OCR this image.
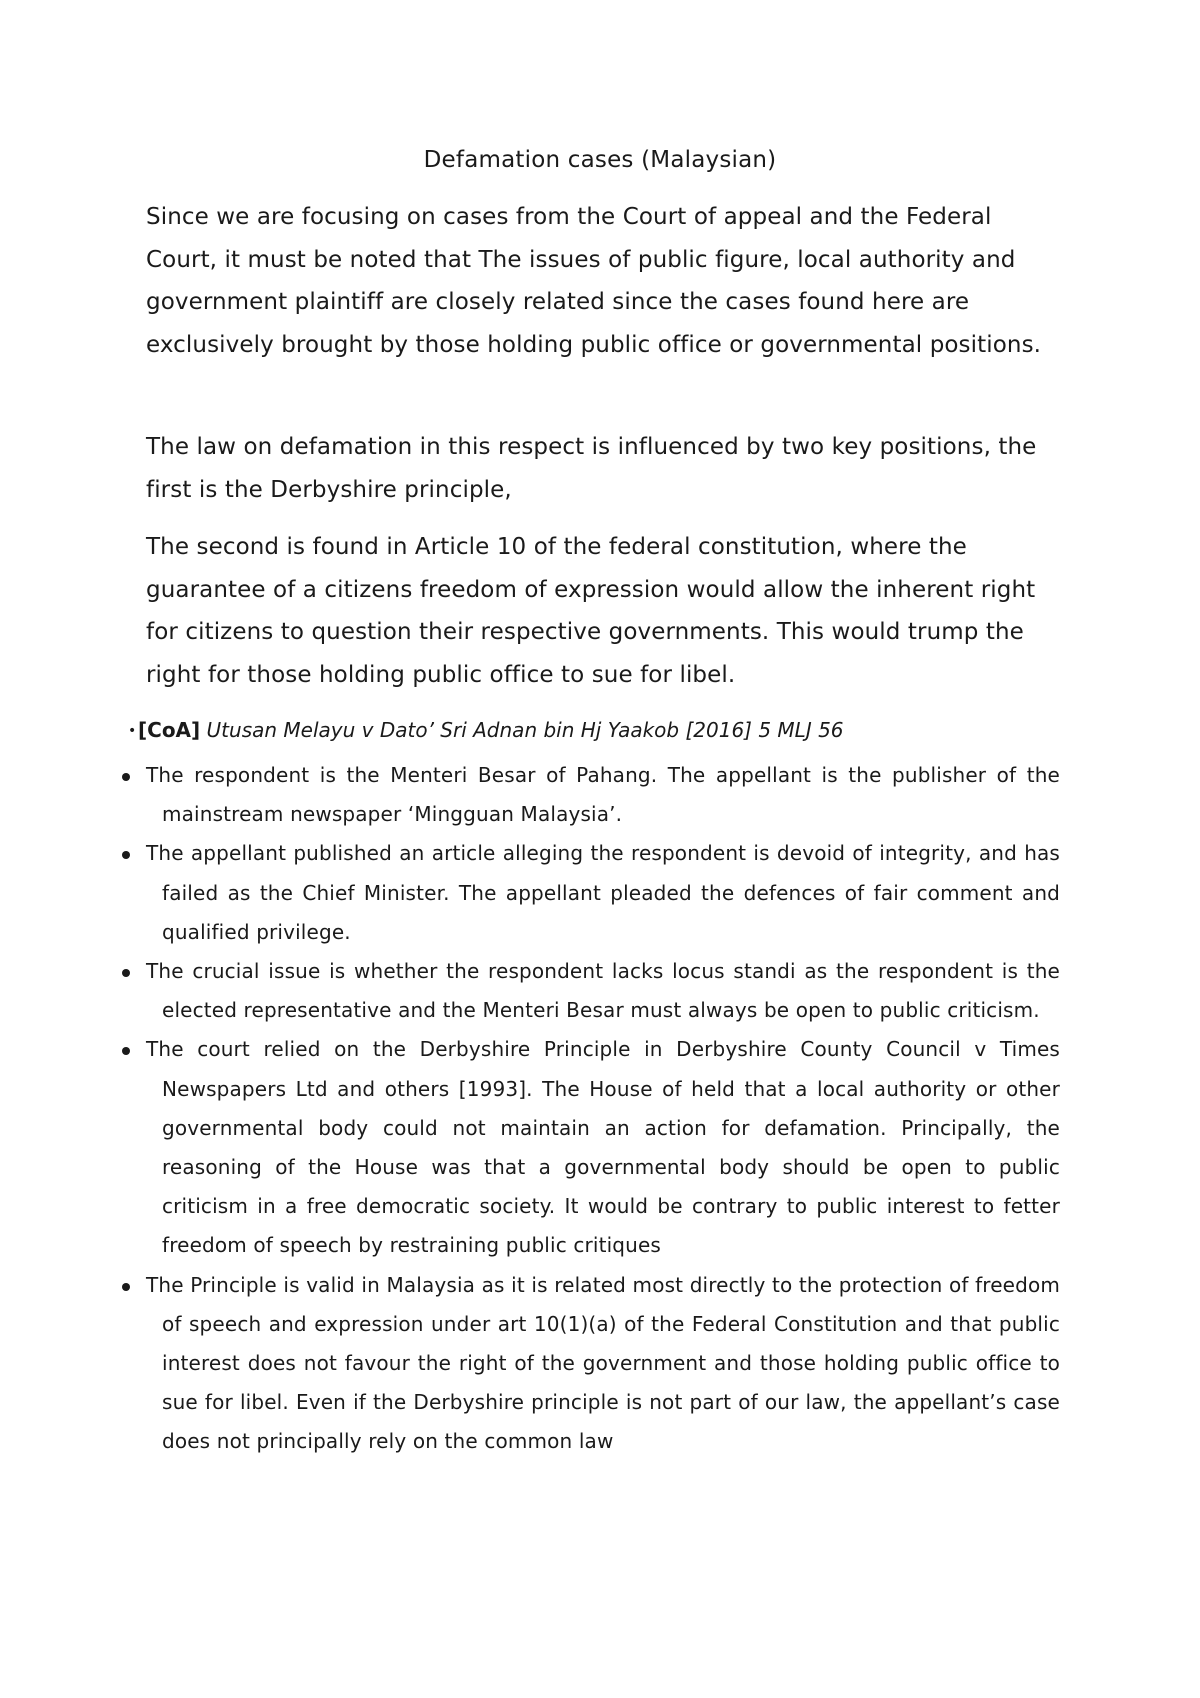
Defamation cases (Malaysian)

Since we are focusing on cases from the Court of appeal and the Federal Court, it must be noted that The issues of public figure, local authority and government plaintiff are closely related since the cases found here are exclusively brought by those holding public office or governmental positions.

The law on defamation in this respect is influenced by two key positions, the first is the Derbyshire principle,

The second is found in Article 10 of the federal constitution, where the guarantee of a citizens freedom of expression would allow the inherent right for citizens to question their respective governments. This would trump the right for those holding public office to sue for libel.

•[CoA] Utusan Melayu v Dato’ Sri Adnan bin Hj Yaakob [2016] 5 MLJ 56
The respondent is the Menteri Besar of Pahang. The appellant is the publisher of the mainstream newspaper ‘Mingguan Malaysia’.
The appellant published an article alleging the respondent is devoid of integrity, and has failed as the Chief Minister. The appellant pleaded the defences of fair comment and qualified privilege.
The crucial issue is whether the respondent lacks locus standi as the respondent is the elected representative and the Menteri Besar must always be open to public criticism.
The court relied on the Derbyshire Principle in Derbyshire County Council v Times Newspapers Ltd and others [1993]. The House of held that a local authority or other governmental body could not maintain an action for defamation. Principally, the reasoning of the House was that a governmental body should be open to public criticism in a free democratic society. It would be contrary to public interest to fetter freedom of speech by restraining public critiques
The Principle is valid in Malaysia as it is related most directly to the protection of freedom of speech and expression under art 10(1)(a) of the Federal Constitution and that public interest does not favour the right of the government and those holding public office to sue for libel. Even if the Derbyshire principle is not part of our law, the appellant’s case does not principally rely on the common law
